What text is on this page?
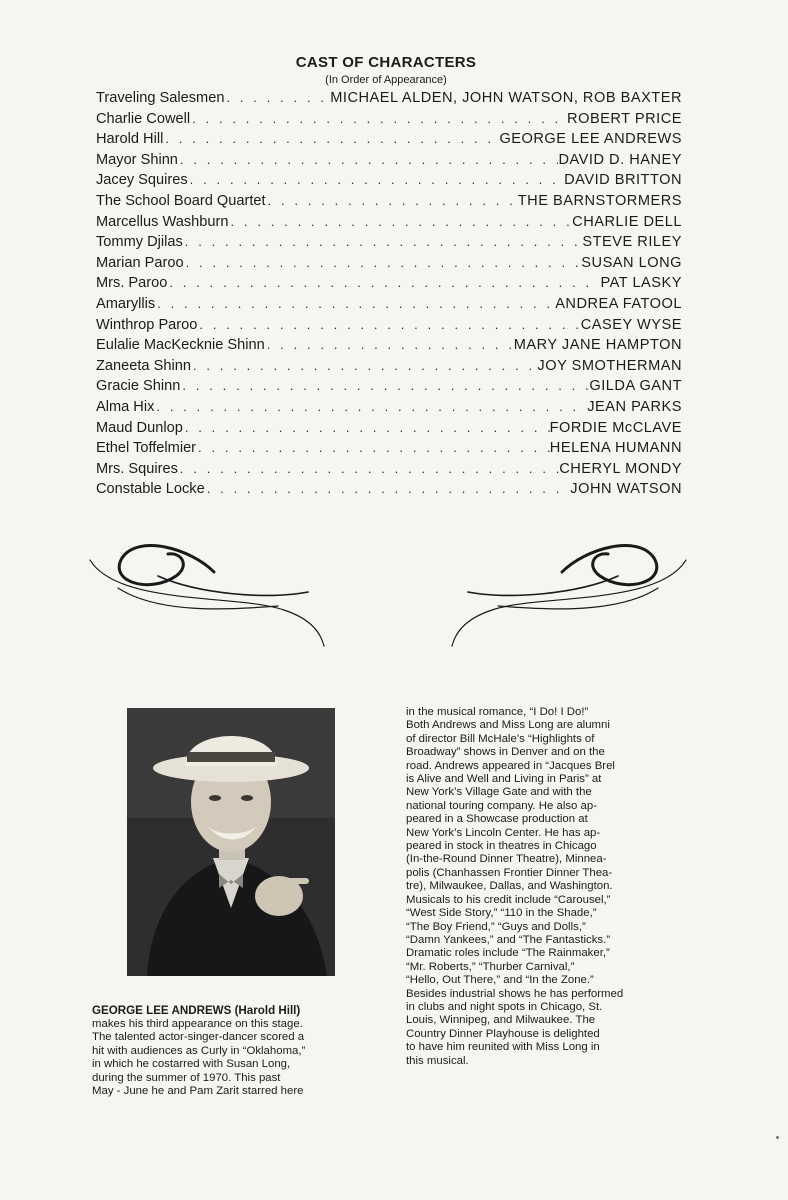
CAST OF CHARACTERS
(In Order of Appearance)
Traveling Salesmen . . .	MICHAEL ALDEN, JOHN WATSON, ROB BAXTER
Charlie Cowell . . .	ROBERT PRICE
Harold Hill . . .	GEORGE LEE ANDREWS
Mayor Shinn . . .	DAVID D. HANEY
Jacey Squires . . .	DAVID BRITTON
The School Board Quartet . . .	THE BARNSTORMERS
Marcellus Washburn . . .	CHARLIE DELL
Tommy Djilas . . .	STEVE RILEY
Marian Paroo . . .	SUSAN LONG
Mrs. Paroo . . .	PAT LASKY
Amaryllis . . .	ANDREA FATOOL
Winthrop Paroo . . .	CASEY WYSE
Eulalie MacKecknie Shinn . . .	MARY JANE HAMPTON
Zaneeta Shinn . . .	JOY SMOTHERMAN
Gracie Shinn . . .	GILDA GANT
Alma Hix . . .	JEAN PARKS
Maud Dunlop . . .	FORDIE McCLAVE
Ethel Toffelmier . . .	HELENA HUMANN
Mrs. Squires . . .	CHERYL MONDY
Constable Locke . . .	JOHN WATSON
GEORGE LEE ANDREWS (Harold Hill)
makes his third appearance on this stage.
The talented actor-singer-dancer scored a
hit with audiences as Curly in “Oklahoma,”
in which he costarred with Susan Long,
during the summer of 1970. This past
May - June he and Pam Zarit starred here
in the musical romance, “I Do! I Do!”
Both Andrews and Miss Long are alumni
of director Bill McHale’s “Highlights of
Broadway” shows in Denver and on the
road. Andrews appeared in “Jacques Brel
is Alive and Well and Living in Paris” at
New York’s Village Gate and with the
national touring company. He also ap-
peared in a Showcase production at
New York’s Lincoln Center. He has ap-
peared in stock in theatres in Chicago
(In-the-Round Dinner Theatre), Minnea-
polis (Chanhassen Frontier Dinner Thea-
tre), Milwaukee, Dallas, and Washington.
Musicals to his credit include “Carousel,”
“West Side Story,” “110 in the Shade,”
“The Boy Friend,” “Guys and Dolls,”
“Damn Yankees,” and “The Fantasticks.”
Dramatic roles include “The Rainmaker,”
“Mr. Roberts,” “Thurber Carnival,”
“Hello, Out There,” and “In the Zone.”
Besides industrial shows he has performed
in clubs and night spots in Chicago, St.
Louis, Winnipeg, and Milwaukee. The
Country Dinner Playhouse is delighted
to have him reunited with Miss Long in
this musical.
